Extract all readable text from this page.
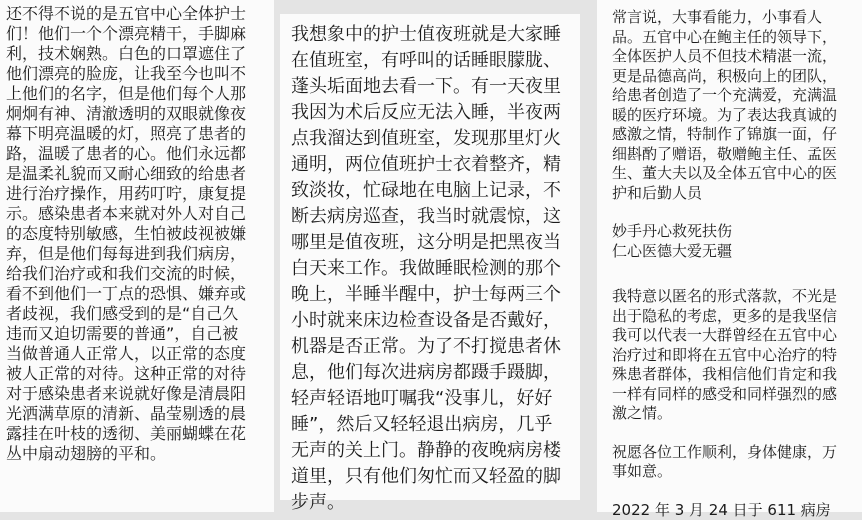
还不得不说的是五官中心全体护士
们！他们一个个漂亮精干，手脚麻
利，技术娴熟。白色的口罩遮住了
他们漂亮的脸庞，让我至今也叫不
上他们的名字，但是他们每个人那
炯炯有神、清澈透明的双眼就像夜
幕下明亮温暖的灯，照亮了患者的
路，温暖了患者的心。他们永远都
是温柔礼貌而又耐心细致的给患者
进行治疗操作，用药叮咛，康复提
示。感染患者本来就对外人对自己
的态度特别敏感，生怕被歧视被嫌
弃，但是他们每每进到我们病房，
给我们治疗或和我们交流的时候，
看不到他们一丁点的恐惧、嫌弃或
者歧视，我们感受到的是“自己久
违而又迫切需要的普通”，自己被
当做普通人正常人，以正常的态度
被人正常的对待。这种正常的对待
对于感染患者来说就好像是清晨阳
光洒满草原的清新、晶莹剔透的晨
露挂在叶枝的透彻、美丽蝴蝶在花
丛中扇动翅膀的平和。

我想象中的护士值夜班就是大家睡
在值班室，有呼叫的话睡眼朦胧、
蓬头垢面地去看一下。有一天夜里
我因为术后反应无法入睡，半夜两
点我溜达到值班室，发现那里灯火
通明，两位值班护士衣着整齐，精
致淡妆，忙碌地在电脑上记录，不
断去病房巡查，我当时就震惊，这
哪里是值夜班，这分明是把黑夜当
白天来工作。我做睡眠检测的那个
晚上，半睡半醒中，护士每两三个
小时就来床边检查设备是否戴好，
机器是否正常。为了不打搅患者休
息，他们每次进病房都蹑手蹑脚，
轻声轻语地叮嘱我“没事儿，好好
睡”，然后又轻轻退出病房，几乎
无声的关上门。静静的夜晚病房楼
道里，只有他们匆忙而又轻盈的脚
步声。

常言说，大事看能力，小事看人
品。五官中心在鲍主任的领导下，
全体医护人员不但技术精湛一流，
更是品德高尚，积极向上的团队，
给患者创造了一个充满爱，充满温
暖的医疗环境。为了表达我真诚的
感激之情，特制作了锦旗一面，仔
细斟酌了赠语，敬赠鲍主任、孟医
生、董大夫以及全体五官中心的医
护和后勤人员

妙手丹心救死扶伤

仁心医德大爱无疆

我特意以匿名的形式落款，不光是
出于隐私的考虑，更多的是我坚信
我可以代表一大群曾经在五官中心
治疗过和即将在五官中心治疗的特
殊患者群体，我相信他们肯定和我
一样有同样的感受和同样强烈的感
激之情。

祝愿各位工作顺利，身体健康，万
事如意。

2022 年 3 月 24 日于 611 病房
